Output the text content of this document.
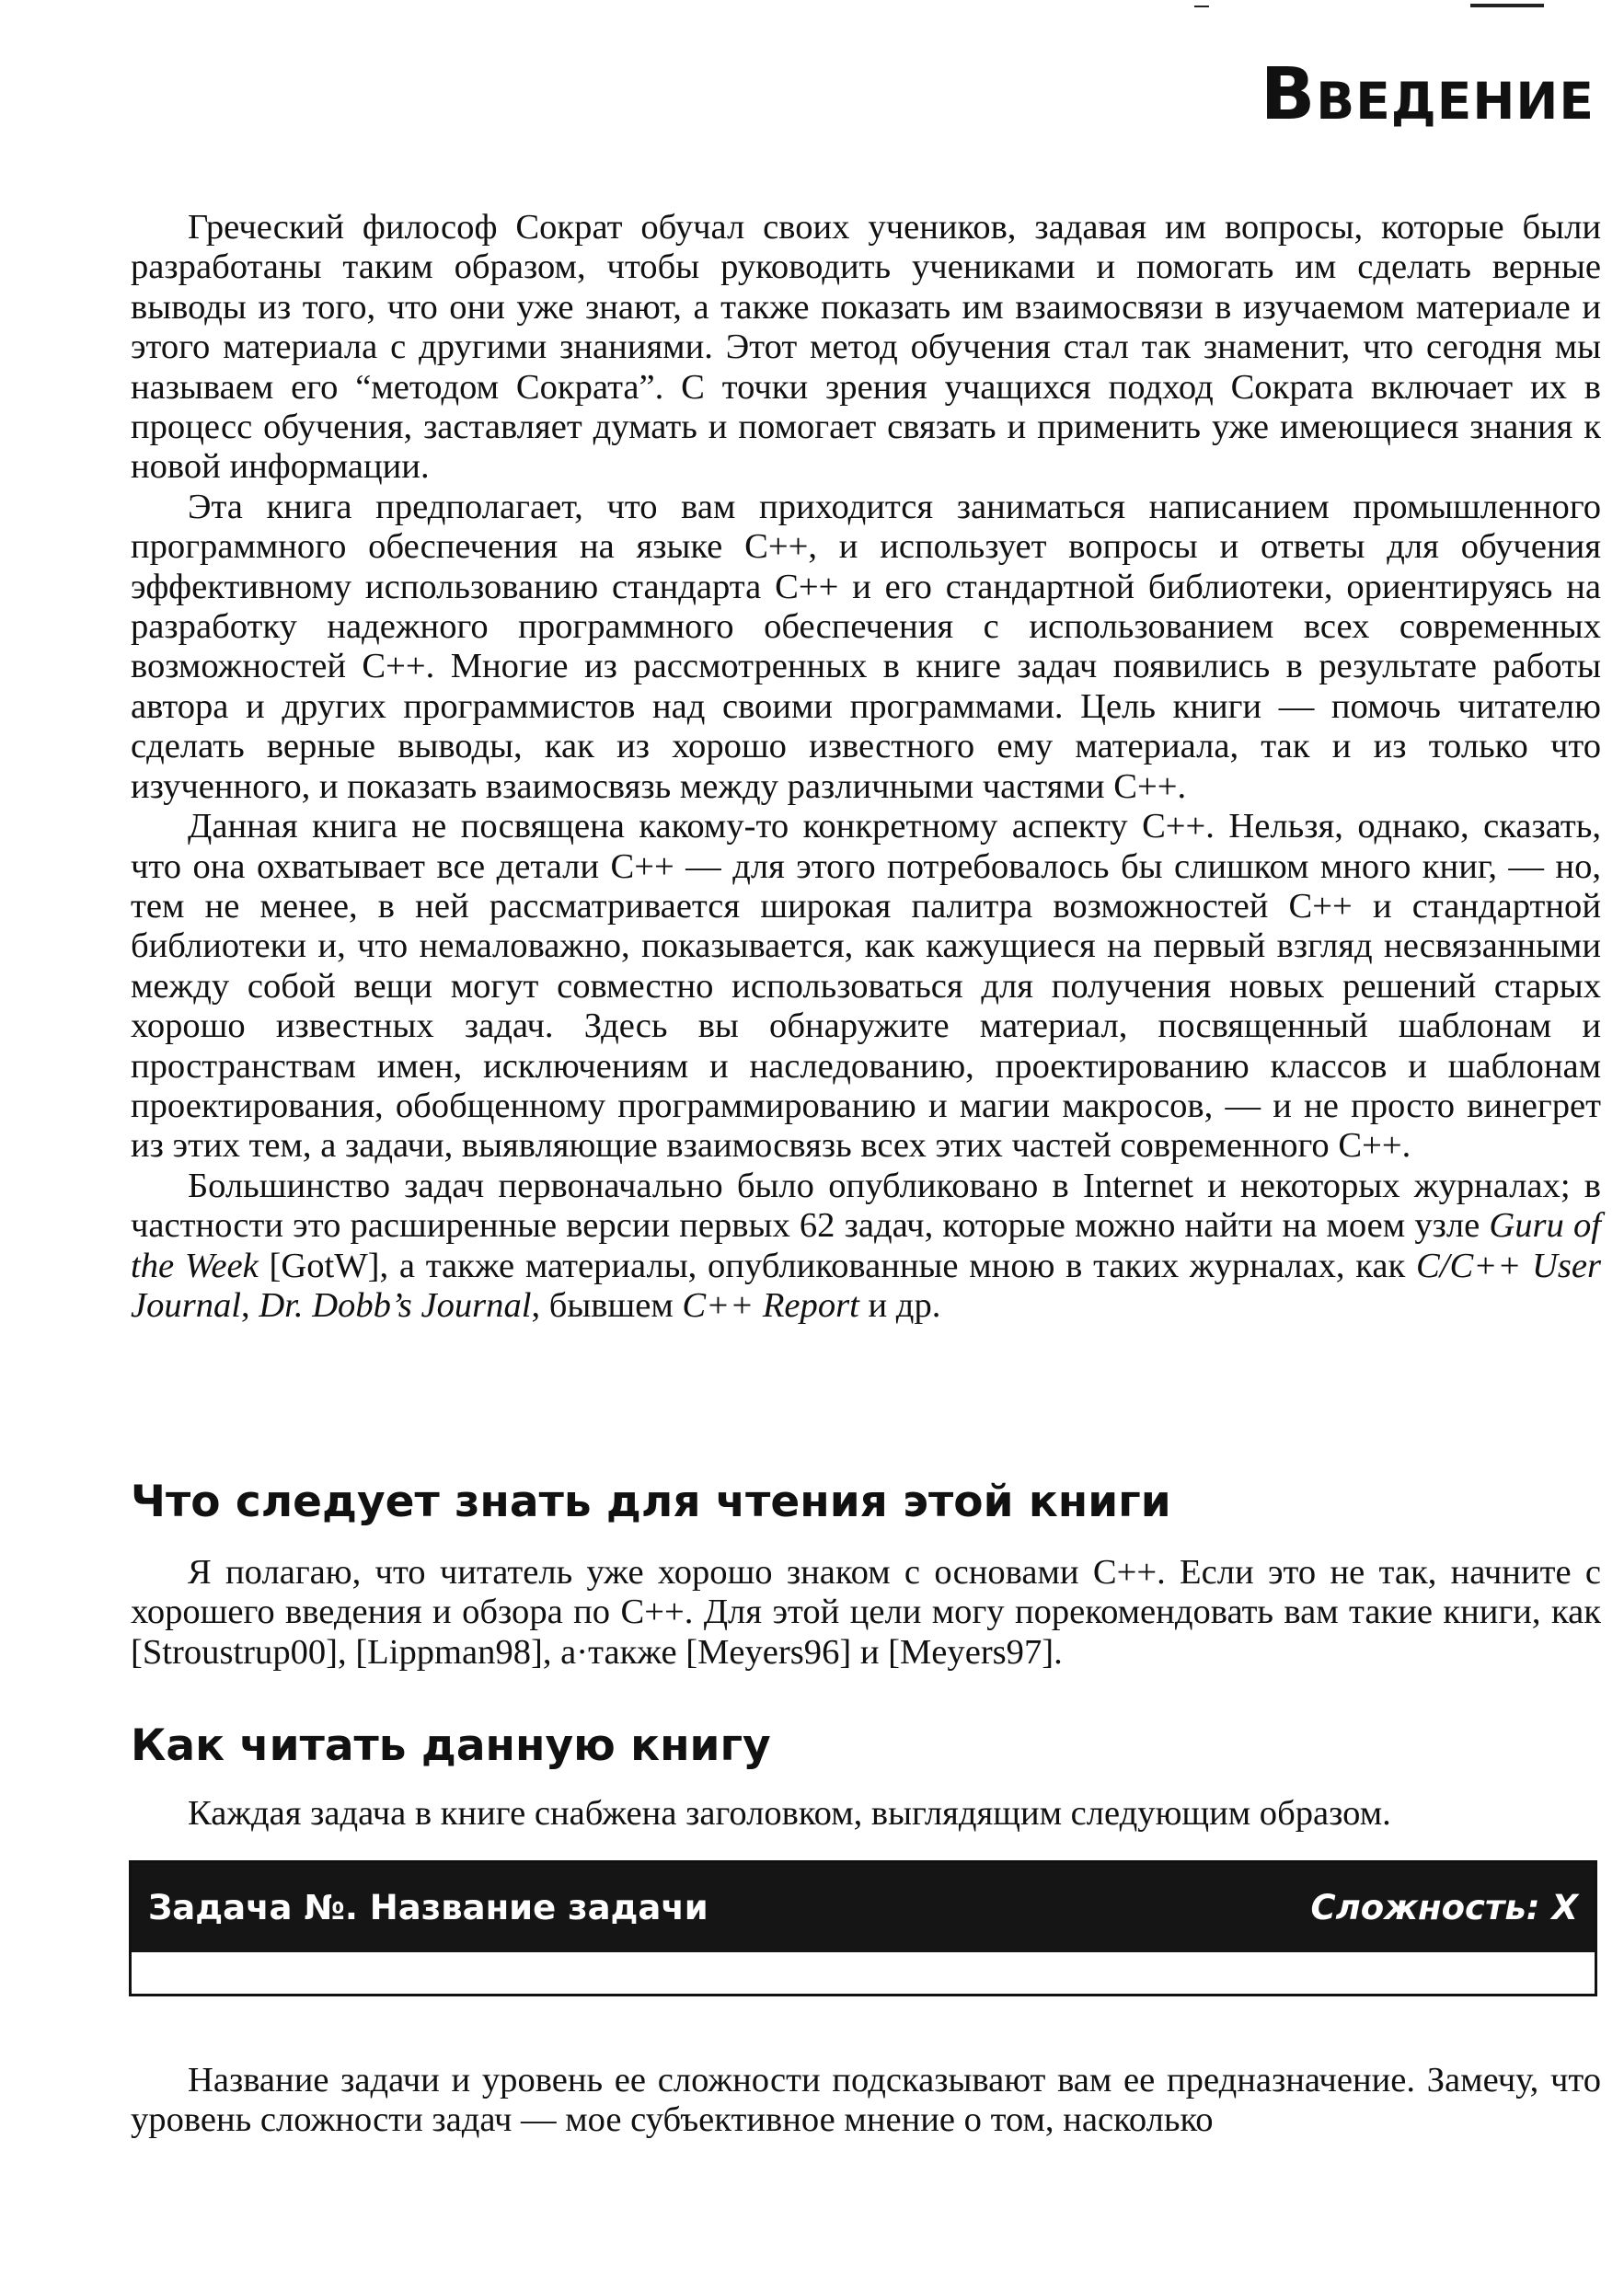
Введение

Греческий философ Сократ обучал своих учеников, задавая им вопросы, которые были разработаны таким образом, чтобы руководить учениками и помогать им сделать верные выводы из того, что они уже знают, а также показать им взаимосвязи в изучаемом материале и этого материала с другими знаниями. Этот метод обучения стал так знаменит, что сегодня мы называем его “методом Сократа”. С точки зрения учащихся подход Сократа включает их в процесс обучения, заставляет думать и помогает связать и применить уже имеющиеся знания к новой информации.

Эта книга предполагает, что вам приходится заниматься написанием промышленного программного обеспечения на языке C++, и использует вопросы и ответы для обучения эффективному использованию стандарта C++ и его стандартной библиотеки, ориентируясь на разработку надежного программного обеспечения с использованием всех современных возможностей C++. Многие из рассмотренных в книге задач появились в результате работы автора и других программистов над своими программами. Цель книги — помочь читателю сделать верные выводы, как из хорошо известного ему материала, так и из только что изученного, и показать взаимосвязь между различными частями C++.

Данная книга не посвящена какому-то конкретному аспекту C++. Нельзя, однако, сказать, что она охватывает все детали C++ — для этого потребовалось бы слишком много книг, — но, тем не менее, в ней рассматривается широкая палитра возможностей C++ и стандартной библиотеки и, что немаловажно, показывается, как кажущиеся на первый взгляд несвязанными между собой вещи могут совместно использоваться для получения новых решений старых хорошо известных задач. Здесь вы обнаружите материал, посвященный шаблонам и пространствам имен, исключениям и наследованию, проектированию классов и шаблонам проектирования, обобщенному программированию и магии макросов, — и не просто винегрет из этих тем, а задачи, выявляющие взаимосвязь всех этих частей современного C++.

Большинство задач первоначально было опубликовано в Internet и некоторых журналах; в частности это расширенные версии первых 62 задач, которые можно найти на моем узле Guru of the Week [GotW], а также материалы, опубликованные мною в таких журналах, как C/C++ User Journal, Dr. Dobb’s Journal, бывшем C++ Report и др.

Что следует знать для чтения этой книги

Я полагаю, что читатель уже хорошо знаком с основами C++. Если это не так, начните с хорошего введения и обзора по C++. Для этой цели могу порекомендовать вам такие книги, как [Stroustrup00], [Lippman98], а·также [Meyers96] и [Meyers97].

Как читать данную книгу

Каждая задача в книге снабжена заголовком, выглядящим следующим образом.

Задача №. Название задачи	Сложность: X

Название задачи и уровень ее сложности подсказывают вам ее предназначение. Замечу, что уровень сложности задач — мое субъективное мнение о том, насколько
